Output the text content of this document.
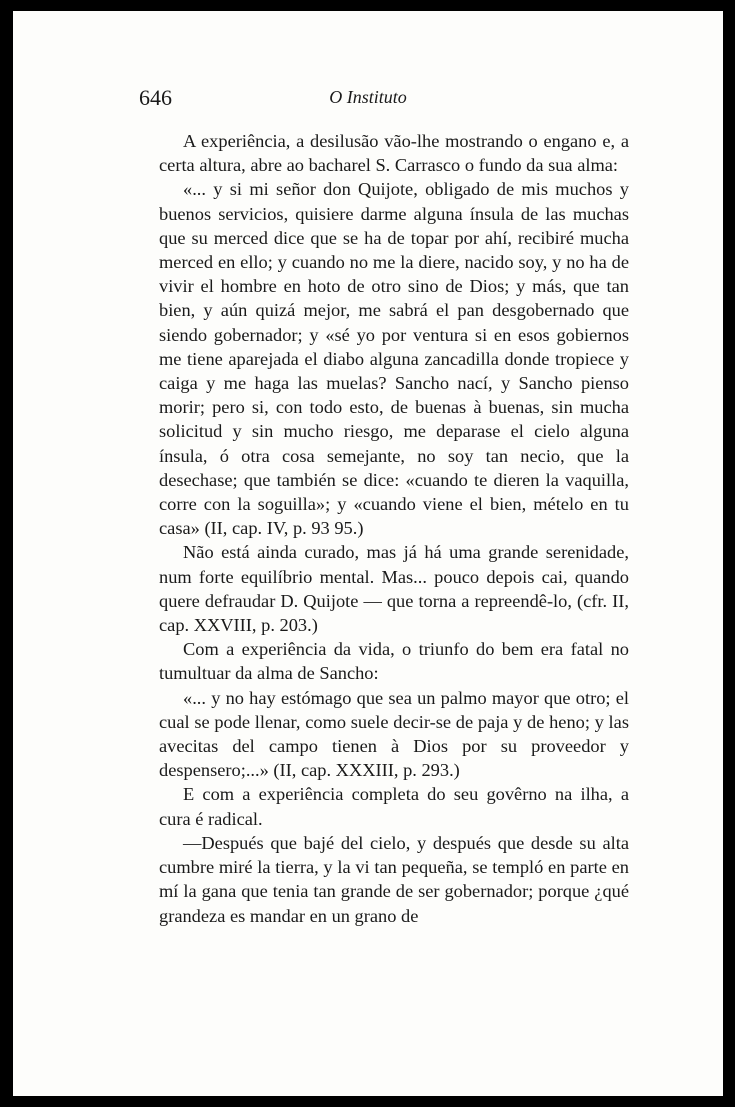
646	O Instituto

A experiência, a desilusão vão-lhe mostrando o engano e, a certa altura, abre ao bacharel S. Carrasco o fundo da sua alma:

«... y si mi señor don Quijote, obligado de mis muchos y buenos servicios, quisiere darme alguna ínsula de las muchas que su merced dice que se ha de topar por ahí, recibiré mucha merced en ello; y cuando no me la diere, nacido soy, y no ha de vivir el hombre en hoto de otro sino de Dios; y más, que tan bien, y aún quizá mejor, me sabrá el pan desgobernado que siendo gobernador; y «sé yo por ventura si en esos gobiernos me tiene aparejada el diabo alguna zancadilla donde tropiece y caiga y me haga las muelas? Sancho nací, y Sancho pienso morir; pero si, con todo esto, de buenas à buenas, sin mucha solicitud y sin mucho riesgo, me deparase el cielo alguna ínsula, ó otra cosa semejante, no soy tan necio, que la desechase; que también se dice: «cuando te dieren la vaquilla, corre con la soguilla»; y «cuando viene el bien, mételo en tu casa» (II, cap. IV, p. 93 95.)

Não está ainda curado, mas já há uma grande serenidade, num forte equilíbrio mental. Mas... pouco depois cai, quando quere defraudar D. Quijote — que torna a repreendê-lo, (cfr. II, cap. XXVIII, p. 203.)

Com a experiência da vida, o triunfo do bem era fatal no tumultuar da alma de Sancho:

«... y no hay estómago que sea un palmo mayor que otro; el cual se pode llenar, como suele decir-se de paja y de heno; y las avecitas del campo tienen à Dios por su proveedor y despensero;...» (II, cap. XXXIII, p. 293.)

E com a experiência completa do seu govêrno na ilha, a cura é radical.

—Después que bajé del cielo, y después que desde su alta cumbre miré la tierra, y la vi tan pequeña, se templó en parte en mí la gana que tenia tan grande de ser gobernador; porque ¿qué grandeza es mandar en un grano de
